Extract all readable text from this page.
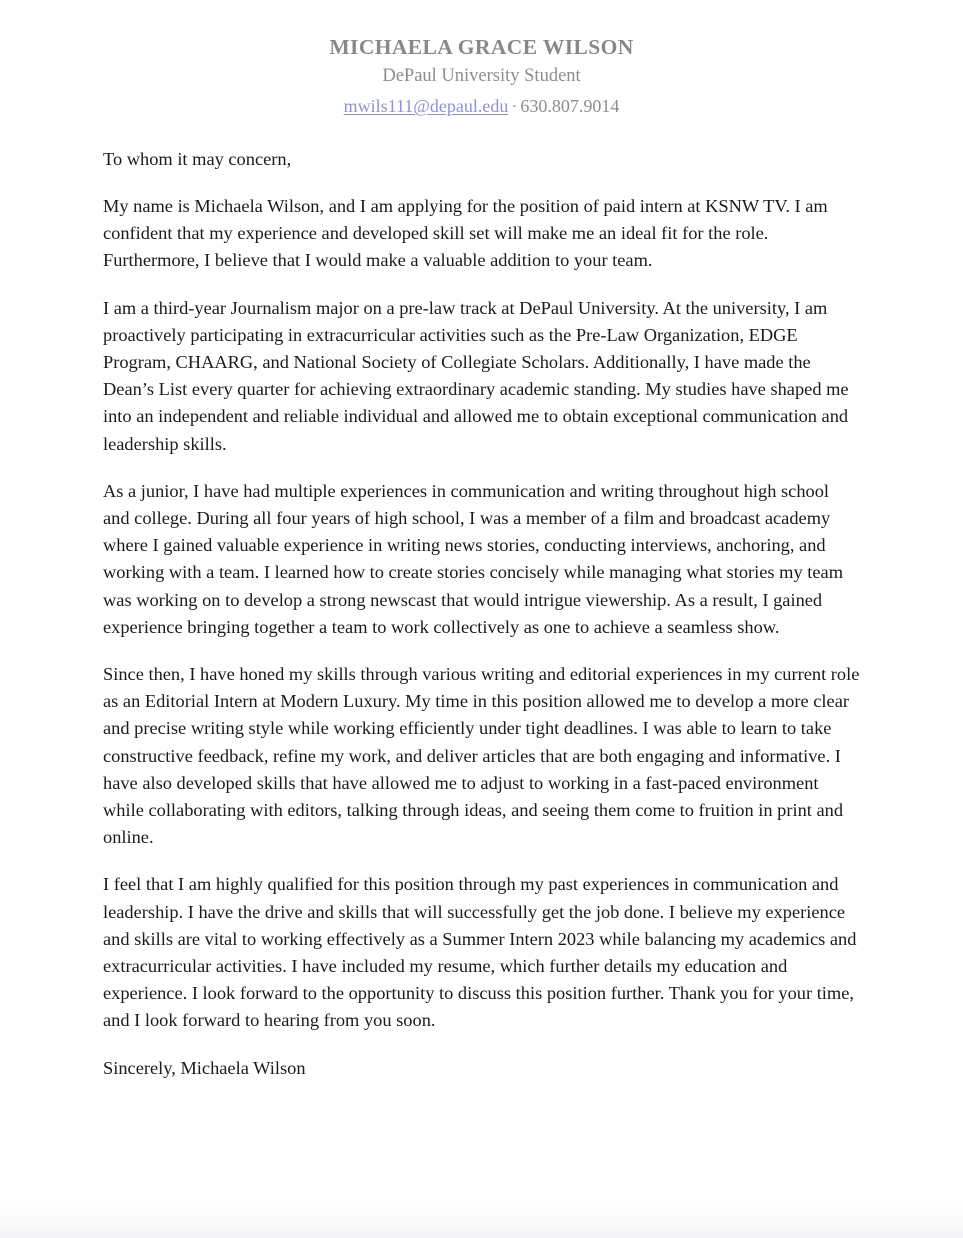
MICHAELA GRACE WILSON
DePaul University Student
mwils111@depaul.edu · 630.807.9014

To whom it may concern,

My name is Michaela Wilson, and I am applying for the position of paid intern at KSNW TV. I am confident that my experience and developed skill set will make me an ideal fit for the role. Furthermore, I believe that I would make a valuable addition to your team.

I am a third-year Journalism major on a pre-law track at DePaul University. At the university, I am proactively participating in extracurricular activities such as the Pre-Law Organization, EDGE Program, CHAARG, and National Society of Collegiate Scholars. Additionally, I have made the Dean’s List every quarter for achieving extraordinary academic standing. My studies have shaped me into an independent and reliable individual and allowed me to obtain exceptional communication and leadership skills.

As a junior, I have had multiple experiences in communication and writing throughout high school and college. During all four years of high school, I was a member of a film and broadcast academy where I gained valuable experience in writing news stories, conducting interviews, anchoring, and working with a team. I learned how to create stories concisely while managing what stories my team was working on to develop a strong newscast that would intrigue viewership. As a result, I gained experience bringing together a team to work collectively as one to achieve a seamless show.

Since then, I have honed my skills through various writing and editorial experiences in my current role as an Editorial Intern at Modern Luxury. My time in this position allowed me to develop a more clear and precise writing style while working efficiently under tight deadlines. I was able to learn to take constructive feedback, refine my work, and deliver articles that are both engaging and informative. I have also developed skills that have allowed me to adjust to working in a fast-paced environment while collaborating with editors, talking through ideas, and seeing them come to fruition in print and online.

I feel that I am highly qualified for this position through my past experiences in communication and leadership. I have the drive and skills that will successfully get the job done. I believe my experience and skills are vital to working effectively as a Summer Intern 2023 while balancing my academics and extracurricular activities. I have included my resume, which further details my education and experience. I look forward to the opportunity to discuss this position further. Thank you for your time, and I look forward to hearing from you soon.

Sincerely, Michaela Wilson
